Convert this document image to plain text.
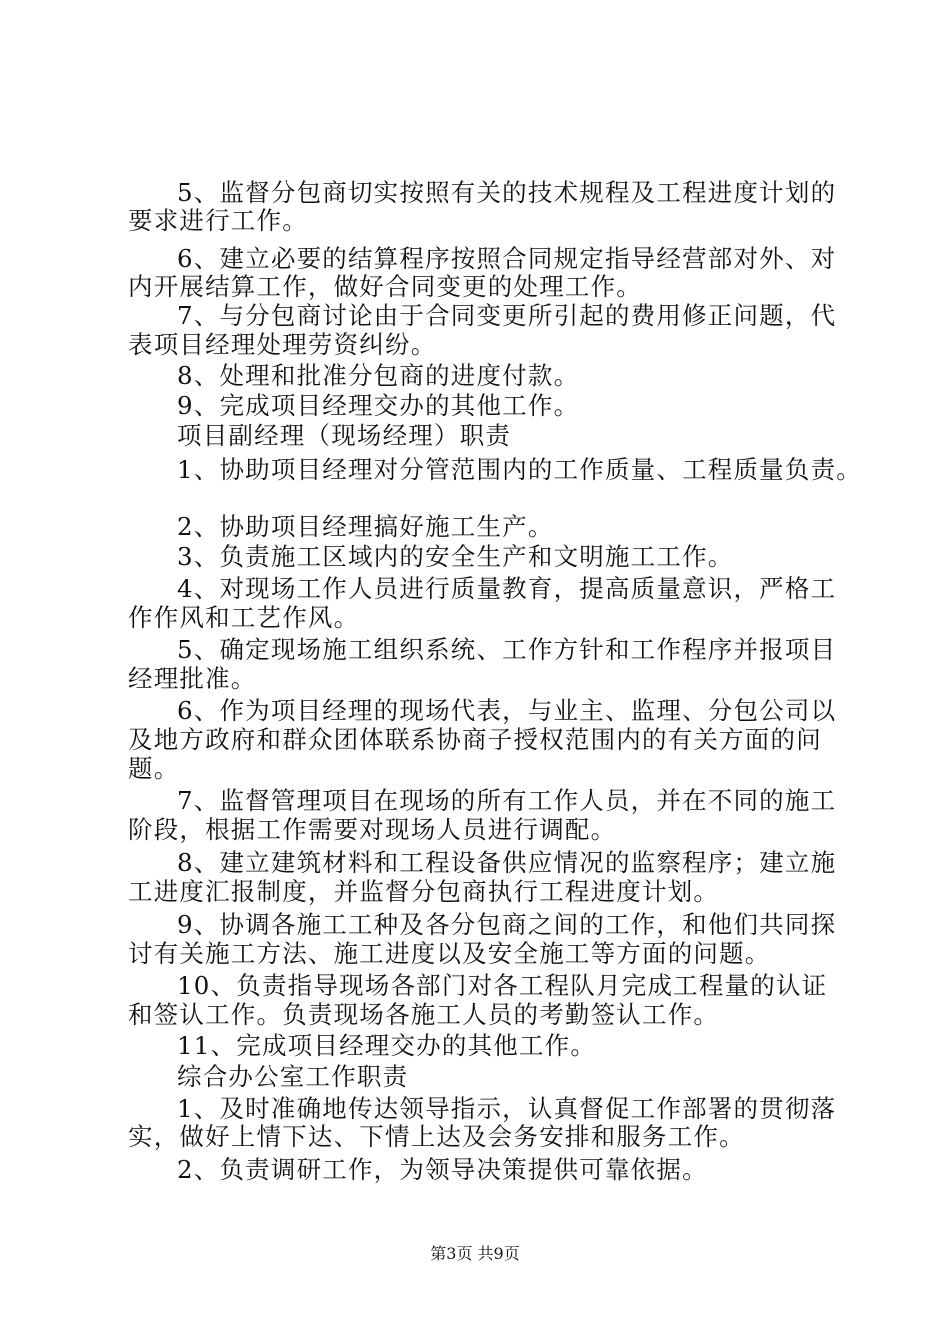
5、监督分包商切实按照有关的技术规程及工程进度计划的
要求进行工作。
6、建立必要的结算程序按照合同规定指导经营部对外、对
内开展结算工作，做好合同变更的处理工作。
7、与分包商讨论由于合同变更所引起的费用修正问题，代
表项目经理处理劳资纠纷。
8、处理和批准分包商的进度付款。
9、完成项目经理交办的其他工作。
项目副经理（现场经理）职责
1、协助项目经理对分管范围内的工作质量、工程质量负责。
2、协助项目经理搞好施工生产。
3、负责施工区域内的安全生产和文明施工工作。
4、对现场工作人员进行质量教育，提高质量意识，严格工
作作风和工艺作风。
5、确定现场施工组织系统、工作方针和工作程序并报项目
经理批准。
6、作为项目经理的现场代表，与业主、监理、分包公司以
及地方政府和群众团体联系协商子授权范围内的有关方面的问
题。
7、监督管理项目在现场的所有工作人员，并在不同的施工
阶段，根据工作需要对现场人员进行调配。
8、建立建筑材料和工程设备供应情况的监察程序；建立施
工进度汇报制度，并监督分包商执行工程进度计划。
9、协调各施工工种及各分包商之间的工作，和他们共同探
讨有关施工方法、施工进度以及安全施工等方面的问题。
10、负责指导现场各部门对各工程队月完成工程量的认证
和签认工作。负责现场各施工人员的考勤签认工作。
11、完成项目经理交办的其他工作。
综合办公室工作职责
1、及时准确地传达领导指示，认真督促工作部署的贯彻落
实，做好上情下达、下情上达及会务安排和服务工作。
2、负责调研工作，为领导决策提供可靠依据。
第3页 共9页
